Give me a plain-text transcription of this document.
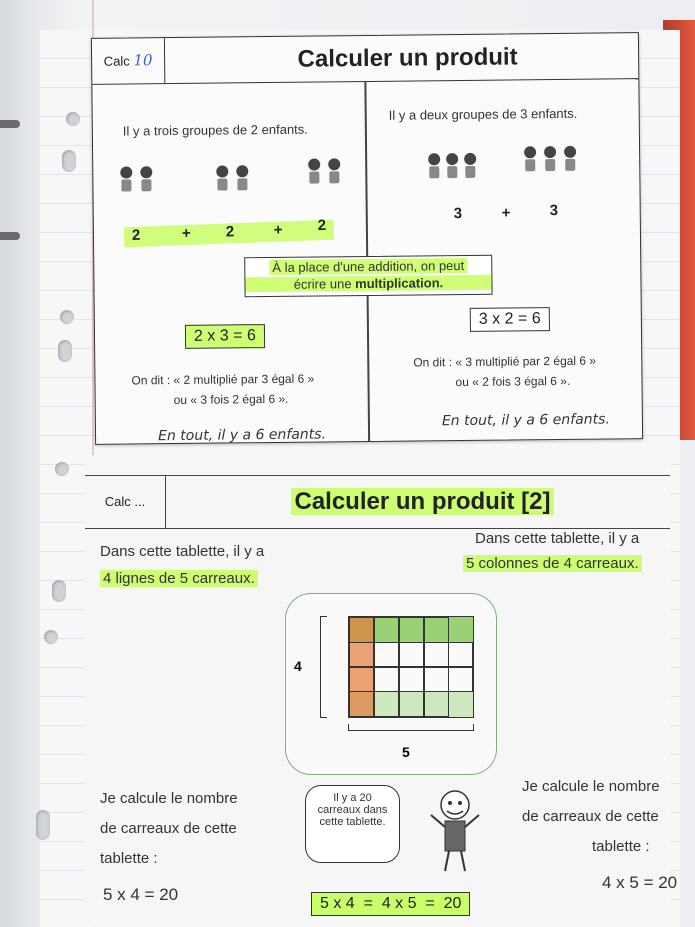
Calc 10	Calculer un produit
Il y a trois groupes de 2 enfants.
Il y a deux groupes de 3 enfants.
2	+ 2	+ 2
3	+	3
À la place d'une addition, on peut
écrire une multiplication.
2 x 3 = 6
3 x 2 = 6
On dit : « 2 multiplié par 3 égal 6 »
ou « 3 fois 2 égal 6 ».
On dit : « 3 multiplié par 2 égal 6 »
ou « 2 fois 3 égal 6 ».
En tout, il y a 6 enfants.
En tout, il y a 6 enfants.
Calc ...	Calculer un produit [2]
Dans cette tablette, il y a
4 lignes de 5 carreaux.
Dans cette tablette, il y a
5 colonnes de 4 carreaux.
4
5
Je calcule le nombre
de carreaux de cette
tablette :
5 x 4 = 20
Je calcule le nombre
de carreaux de cette
tablette :
4 x 5 = 20
Il y a 20
carreaux dans
cette tablette.
5 x 4  =  4 x 5  =  20
